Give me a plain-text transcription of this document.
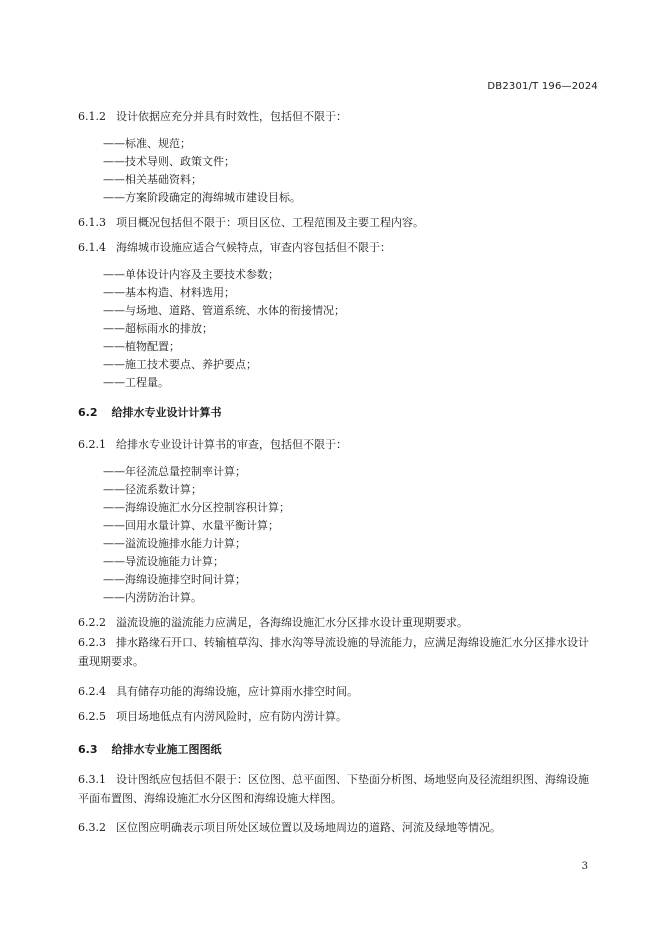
DB2301/T 196—2024
6.1.2 设计依据应充分并具有时效性，包括但不限于：
——标准、规范；
——技术导则、政策文件；
——相关基础资料；
——方案阶段确定的海绵城市建设目标。
6.1.3 项目概况包括但不限于：项目区位、工程范围及主要工程内容。
6.1.4 海绵城市设施应适合气候特点，审查内容包括但不限于：
——单体设计内容及主要技术参数；
——基本构造、材料选用；
——与场地、道路、管道系统、水体的衔接情况；
——超标雨水的排放；
——植物配置；
——施工技术要点、养护要点；
——工程量。
6.2 给排水专业设计计算书
6.2.1 给排水专业设计计算书的审查，包括但不限于：
——年径流总量控制率计算；
——径流系数计算；
——海绵设施汇水分区控制容积计算；
——回用水量计算、水量平衡计算；
——溢流设施排水能力计算；
——导流设施能力计算；
——海绵设施排空时间计算；
——内涝防治计算。
6.2.2 溢流设施的溢流能力应满足，各海绵设施汇水分区排水设计重现期要求。
6.2.3 排水路缘石开口、转输植草沟、排水沟等导流设施的导流能力，应满足海绵设施汇水分区排水设计重现期要求。
6.2.4 具有储存功能的海绵设施，应计算雨水排空时间。
6.2.5 项目场地低点有内涝风险时，应有防内涝计算。
6.3 给排水专业施工图图纸
6.3.1 设计图纸应包括但不限于：区位图、总平面图、下垫面分析图、场地竖向及径流组织图、海绵设施平面布置图、海绵设施汇水分区图和海绵设施大样图。
6.3.2 区位图应明确表示项目所处区域位置以及场地周边的道路、河流及绿地等情况。
3
